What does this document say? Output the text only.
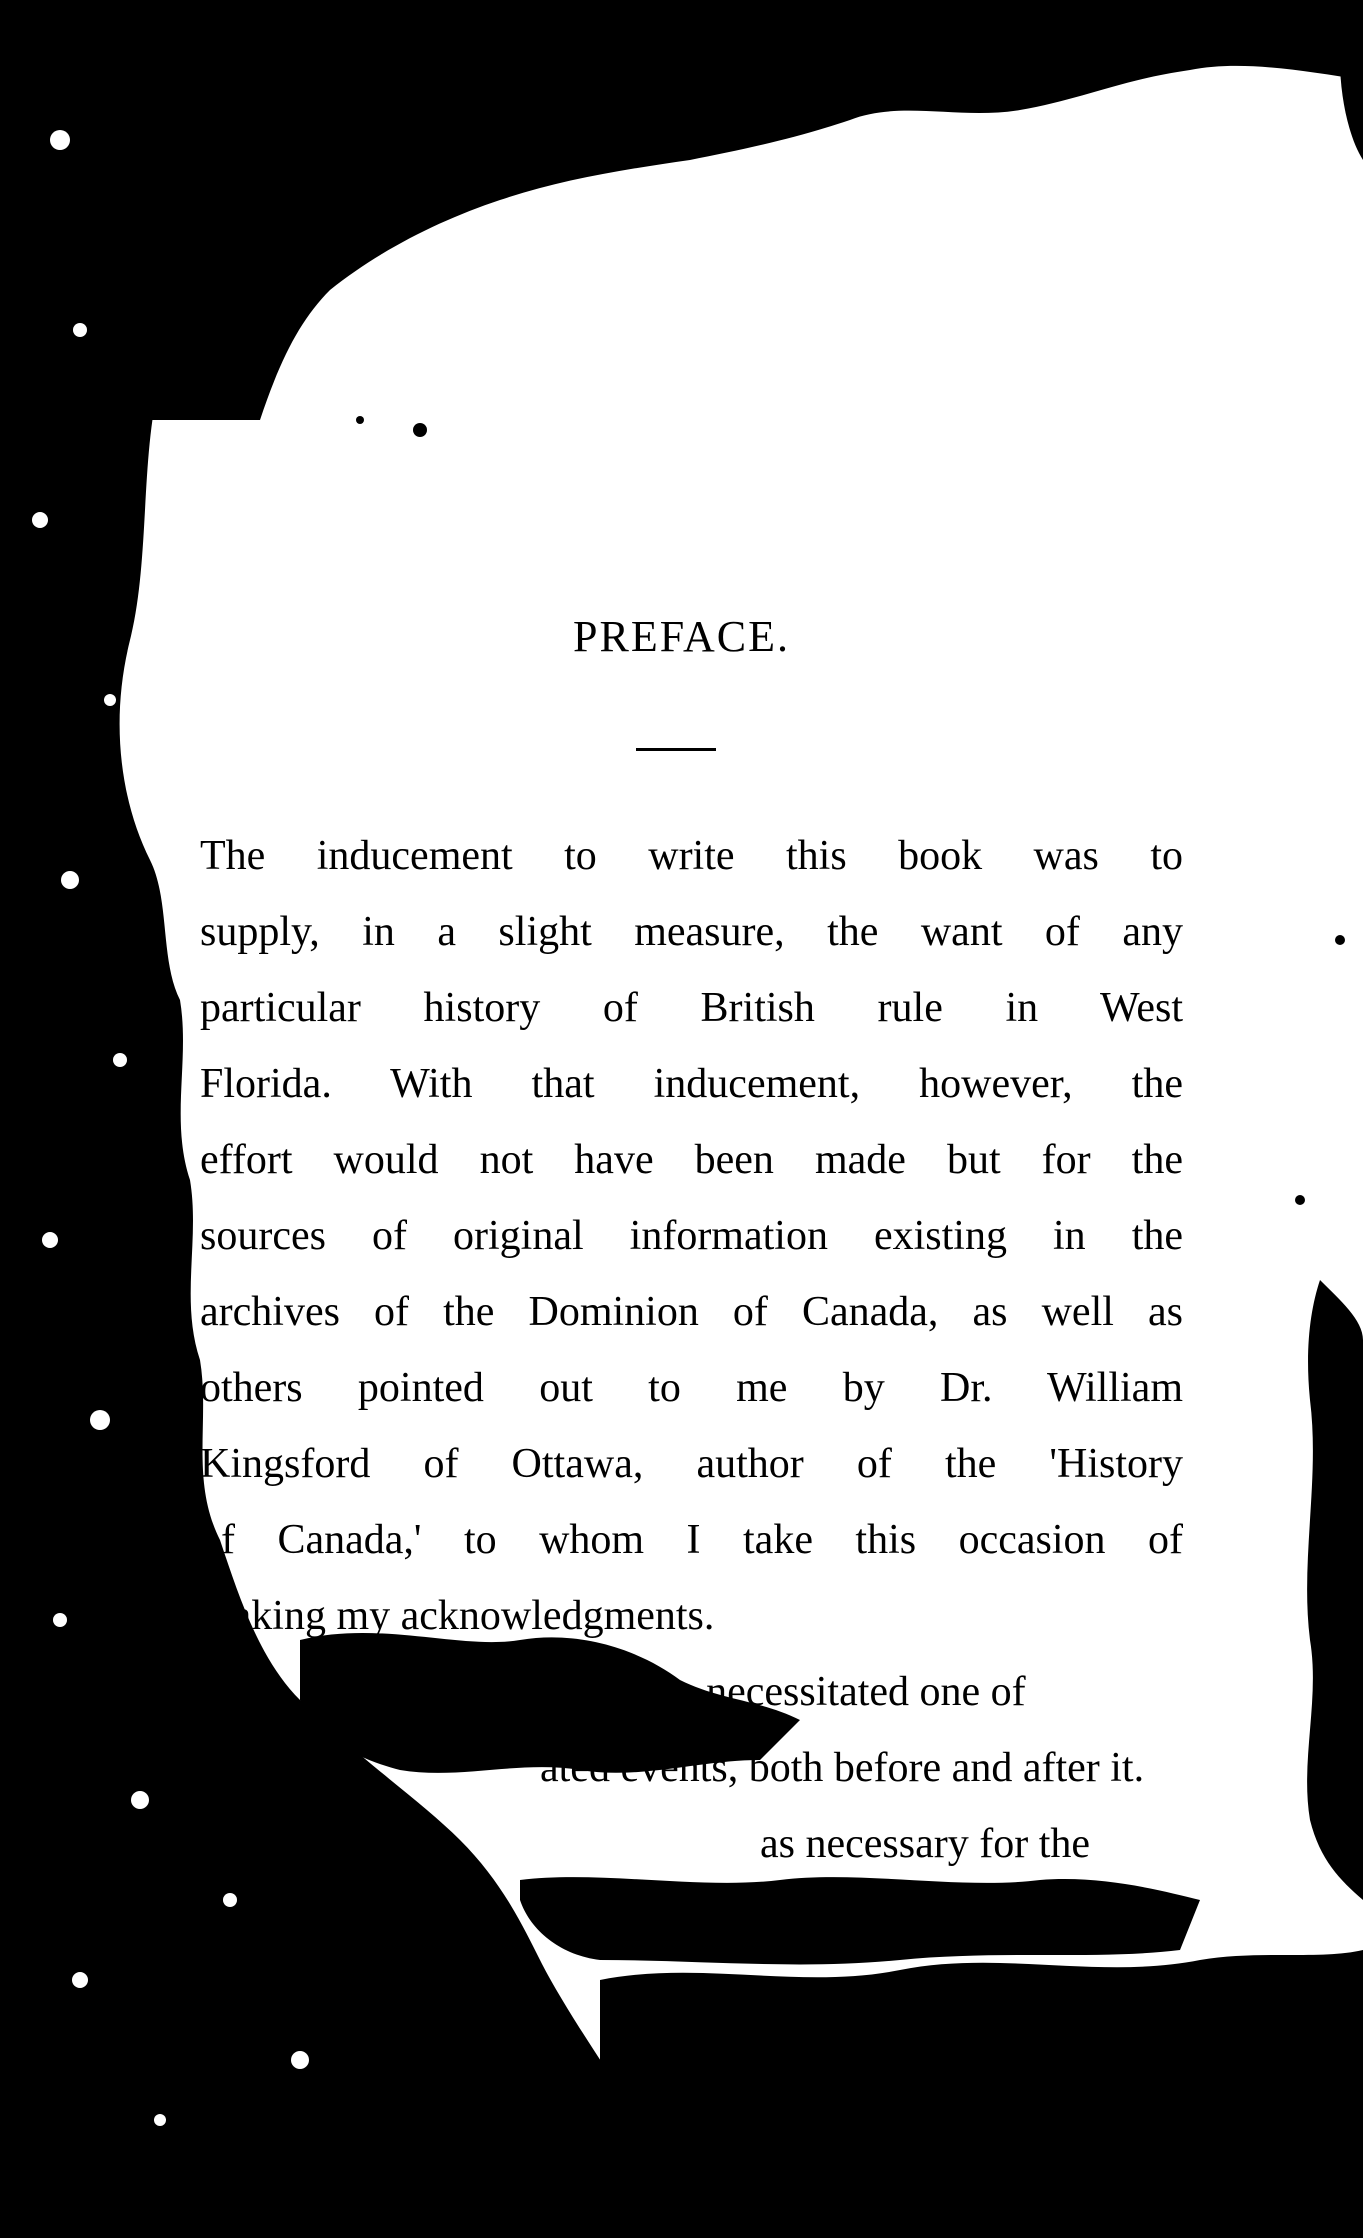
PREFACE.
The inducement to write this book was to
supply, in a slight measure, the want of any
particular history of British rule in West
Florida. With that inducement, however, the
effort would not have been made but for the
sources of original information existing in the
archives of the Dominion of Canada, as well as
others pointed out to me by Dr. William
Kingsford of Ottawa, author of the 'History
of Canada,' to whom I take this occasion of
making my acknowledgments.
of British rule necessitated one of
ated events, both before and after it.
as necessary for the
it will be found in the
